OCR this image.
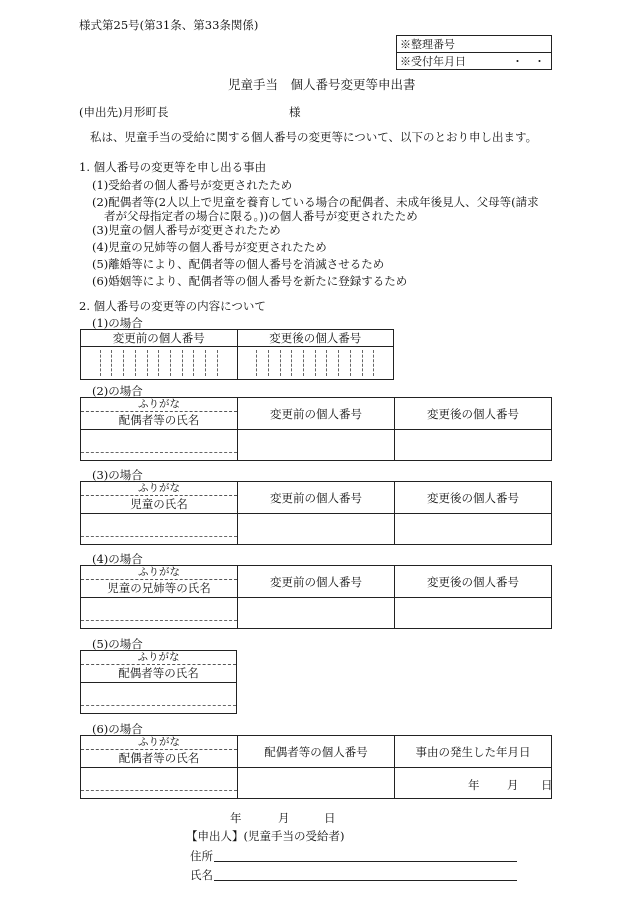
様式第25号(第31条、第33条関係)
※整理番号
※受付年月日	・　・
児童手当　個人番号変更等申出書
(申出先)月形町長	様
私は、児童手当の受給に関する個人番号の変更等について、以下のとおり申し出ます。
1. 個人番号の変更等を申し出る事由
(1)受給者の個人番号が変更されたため
(2)配偶者等(2人以上で児童を養育している場合の配偶者、未成年後見人、父母等(請求
者が父母指定者の場合に限る。))の個人番号が変更されたため
(3)児童の個人番号が変更されたため
(4)児童の兄姉等の個人番号が変更されたため
(5)離婚等により、配偶者等の個人番号を消滅させるため
(6)婚姻等により、配偶者等の個人番号を新たに登録するため
2. 個人番号の変更等の内容について
(1)の場合
変更前の個人番号	変更後の個人番号

(2)の場合
ふりがな
配偶者等の氏名	変更前の個人番号	変更後の個人番号

(3)の場合
ふりがな
児童の氏名	変更前の個人番号	変更後の個人番号

(4)の場合
ふりがな
児童の兄姉等の氏名	変更前の個人番号	変更後の個人番号

(5)の場合
ふりがな
配偶者等の氏名

(6)の場合
ふりがな
配偶者等の氏名	配偶者等の個人番号	事由の発生した年月日

		年 月 日
年	月	日
【申出人】(児童手当の受給者)
住所
氏名
